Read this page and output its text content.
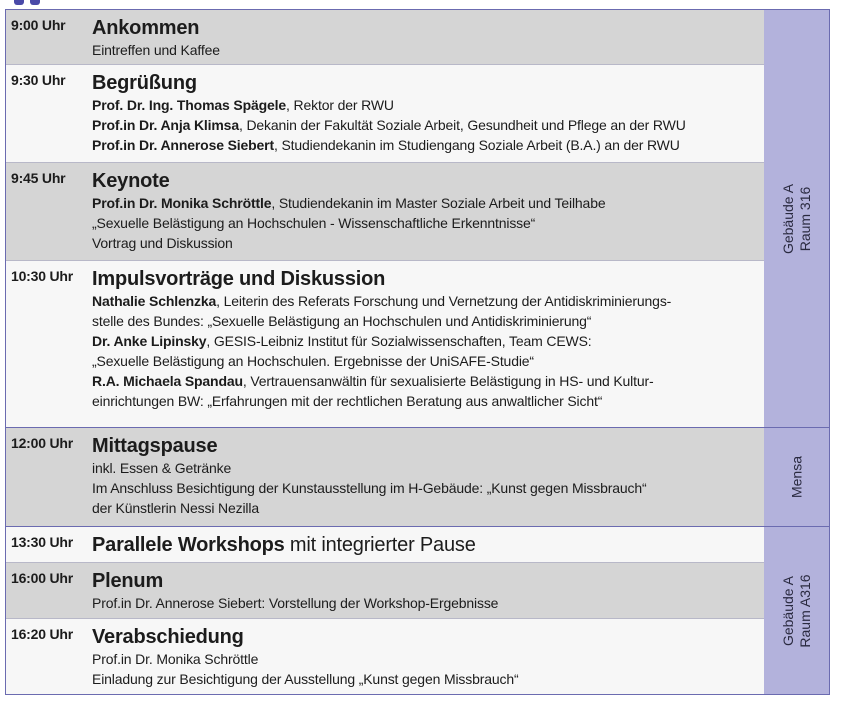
9:00 Uhr Ankommen
Eintreffen und Kaffee
9:30 Uhr Begrüßung
Prof. Dr. Ing. Thomas Spägele, Rektor der RWU
Prof.in Dr. Anja Klimsa, Dekanin der Fakultät Soziale Arbeit, Gesundheit und Pflege an der RWU
Prof.in Dr. Annerose Siebert, Studiendekanin im Studiengang Soziale Arbeit (B.A.) an der RWU
9:45 Uhr Keynote
Prof.in Dr. Monika Schröttle, Studiendekanin im Master Soziale Arbeit und Teilhabe
„Sexuelle Belästigung an Hochschulen - Wissenschaftliche Erkenntnisse“
Vortrag und Diskussion
10:30 Uhr Impulsvorträge und Diskussion
Nathalie Schlenzka, Leiterin des Referats Forschung und Vernetzung der Antidiskriminierungs-
stelle des Bundes: „Sexuelle Belästigung an Hochschulen und Antidiskriminierung“
Dr. Anke Lipinsky, GESIS-Leibniz Institut für Sozialwissenschaften, Team CEWS:
„Sexuelle Belästigung an Hochschulen. Ergebnisse der UniSAFE-Studie“
R.A. Michaela Spandau, Vertrauensanwältin für sexualisierte Belästigung in HS- und Kultur-
einrichtungen BW: „Erfahrungen mit der rechtlichen Beratung aus anwaltlicher Sicht“
12:00 Uhr Mittagspause
inkl. Essen & Getränke
Im Anschluss Besichtigung der Kunstausstellung im H-Gebäude: „Kunst gegen Missbrauch“
der Künstlerin Nessi Nezilla
13:30 Uhr Parallele Workshops mit integrierter Pause
16:00 Uhr Plenum
Prof.in Dr. Annerose Siebert: Vorstellung der Workshop-Ergebnisse
16:20 Uhr Verabschiedung
Prof.in Dr. Monika Schröttle
Einladung zur Besichtigung der Ausstellung „Kunst gegen Missbrauch“
Gebäude A Raum 316
Mensa
Gebäude A Raum A316
